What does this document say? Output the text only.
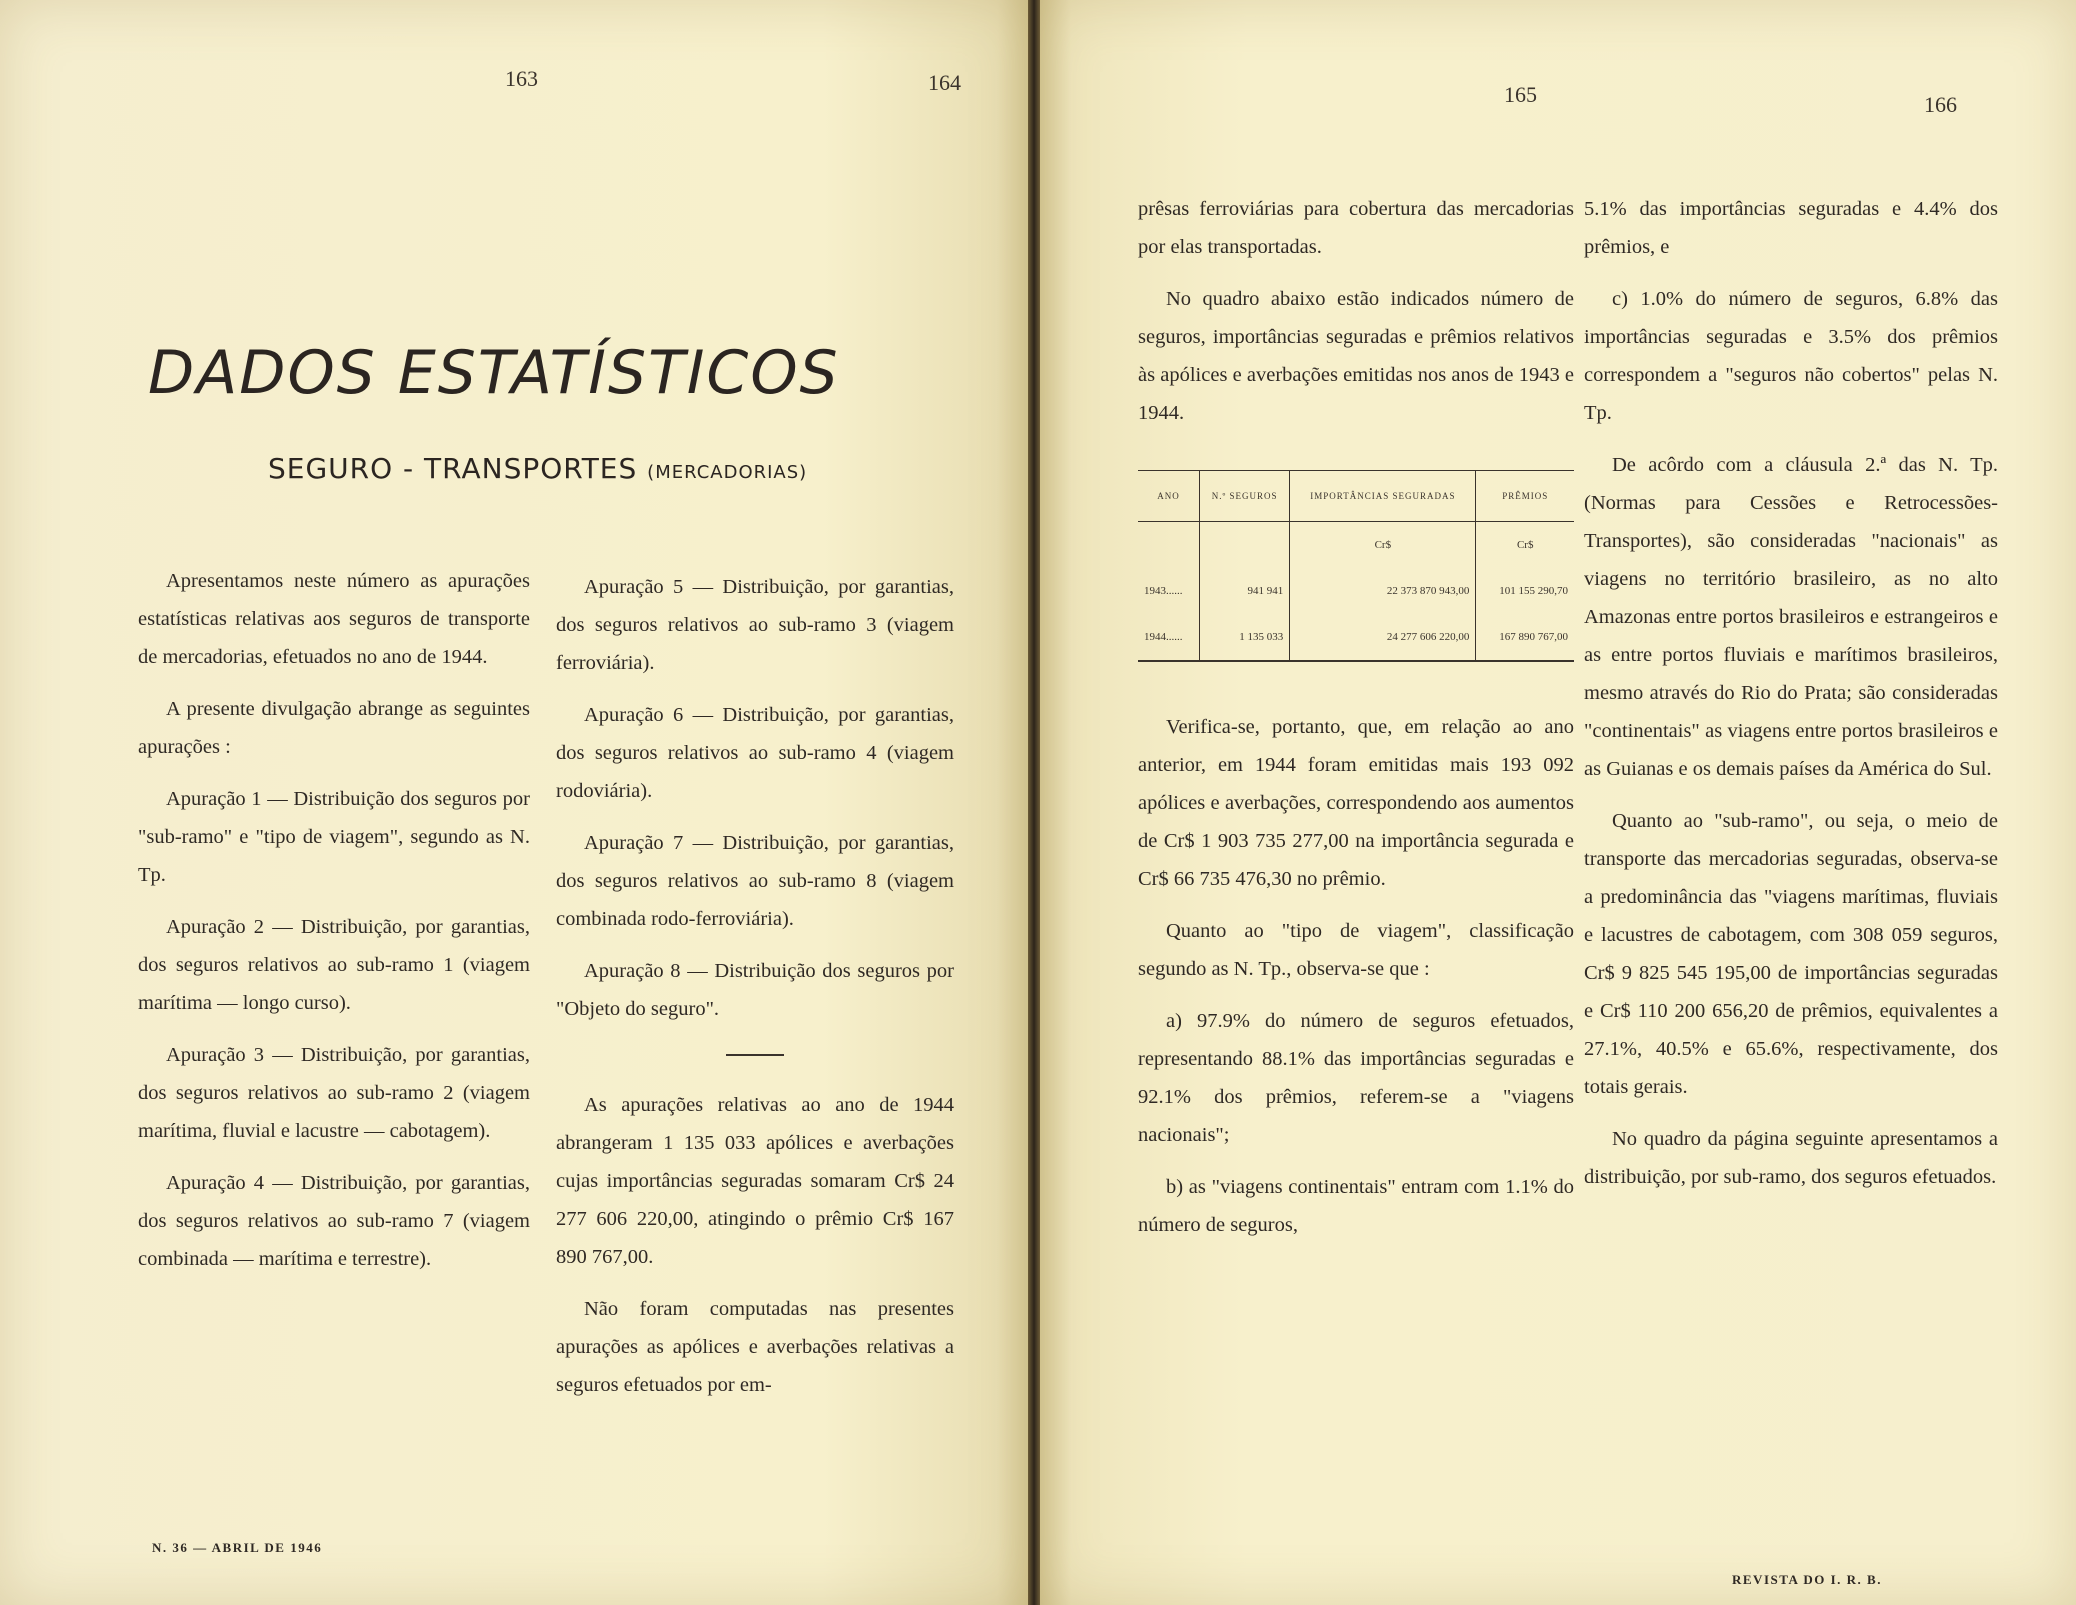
163	164
DADOS ESTATÍSTICOS
SEGURO - TRANSPORTES (MERCADORIAS)

Apresentamos neste número as apurações estatísticas relativas aos seguros de transporte de mercadorias, efetuados no ano de 1944.

A presente divulgação abrange as seguintes apurações :

Apuração 1 — Distribuição dos seguros por "sub-ramo" e "tipo de viagem", segundo as N. Tp.

Apuração 2 — Distribuição, por garantias, dos seguros relativos ao sub-ramo 1 (viagem marítima — longo curso).

Apuração 3 — Distribuição, por garantias, dos seguros relativos ao sub-ramo 2 (viagem marítima, fluvial e lacustre — cabotagem).

Apuração 4 — Distribuição, por garantias, dos seguros relativos ao sub-ramo 7 (viagem combinada — marítima e terrestre).

Apuração 5 — Distribuição, por garantias, dos seguros relativos ao sub-ramo 3 (viagem ferroviária).

Apuração 6 — Distribuição, por garantias, dos seguros relativos ao sub-ramo 4 (viagem rodoviária).

Apuração 7 — Distribuição, por garantias, dos seguros relativos ao sub-ramo 8 (viagem combinada rodo-ferroviária).

Apuração 8 — Distribuição dos seguros por "Objeto do seguro".

As apurações relativas ao ano de 1944 abrangeram 1 135 033 apólices e averbações cujas importâncias seguradas somaram Cr$ 24 277 606 220,00, atingindo o prêmio Cr$ 167 890 767,00.

Não foram computadas nas presentes apurações as apólices e averbações relativas a seguros efetuados por em-

N. 36 — ABRIL DE 1946
165	166

prêsas ferroviárias para cobertura das mercadorias por elas transportadas.

No quadro abaixo estão indicados número de seguros, importâncias seguradas e prêmios relativos às apólices e averbações emitidas nos anos de 1943 e 1944.

ANO	N.º SEGUROS	IMPORTÂNCIAS SEGURADAS	PRÊMIOS
		Cr$	Cr$
1943......	941 941	22 373 870 943,00	101 155 290,70
1944......	1 135 033	24 277 606 220,00	167 890 767,00

Verifica-se, portanto, que, em relação ao ano anterior, em 1944 foram emitidas mais 193 092 apólices e averbações, correspondendo aos aumentos de Cr$ 1 903 735 277,00 na importância segurada e Cr$ 66 735 476,30 no prêmio.

Quanto ao "tipo de viagem", classificação segundo as N. Tp., observa-se que :

a) 97.9% do número de seguros efetuados, representando 88.1% das importâncias seguradas e 92.1% dos prêmios, referem-se a "viagens nacionais";

b) as "viagens continentais" entram com 1.1% do número de seguros,

5.1% das importâncias seguradas e 4.4% dos prêmios, e

c) 1.0% do número de seguros, 6.8% das importâncias seguradas e 3.5% dos prêmios correspondem a "seguros não cobertos" pelas N. Tp.

De acôrdo com a cláusula 2.ª das N. Tp. (Normas para Cessões e Retrocessões-Transportes), são consideradas "nacionais" as viagens no território brasileiro, as no alto Amazonas entre portos brasileiros e estrangeiros e as entre portos fluviais e marítimos brasileiros, mesmo através do Rio do Prata; são consideradas "continentais" as viagens entre portos brasileiros e as Guianas e os demais países da América do Sul.

Quanto ao "sub-ramo", ou seja, o meio de transporte das mercadorias seguradas, observa-se a predominância das "viagens marítimas, fluviais e lacustres de cabotagem, com 308 059 seguros, Cr$ 9 825 545 195,00 de importâncias seguradas e Cr$ 110 200 656,20 de prêmios, equivalentes a 27.1%, 40.5% e 65.6%, respectivamente, dos totais gerais.

No quadro da página seguinte apresentamos a distribuição, por sub-ramo, dos seguros efetuados.

REVISTA DO I. R. B.
